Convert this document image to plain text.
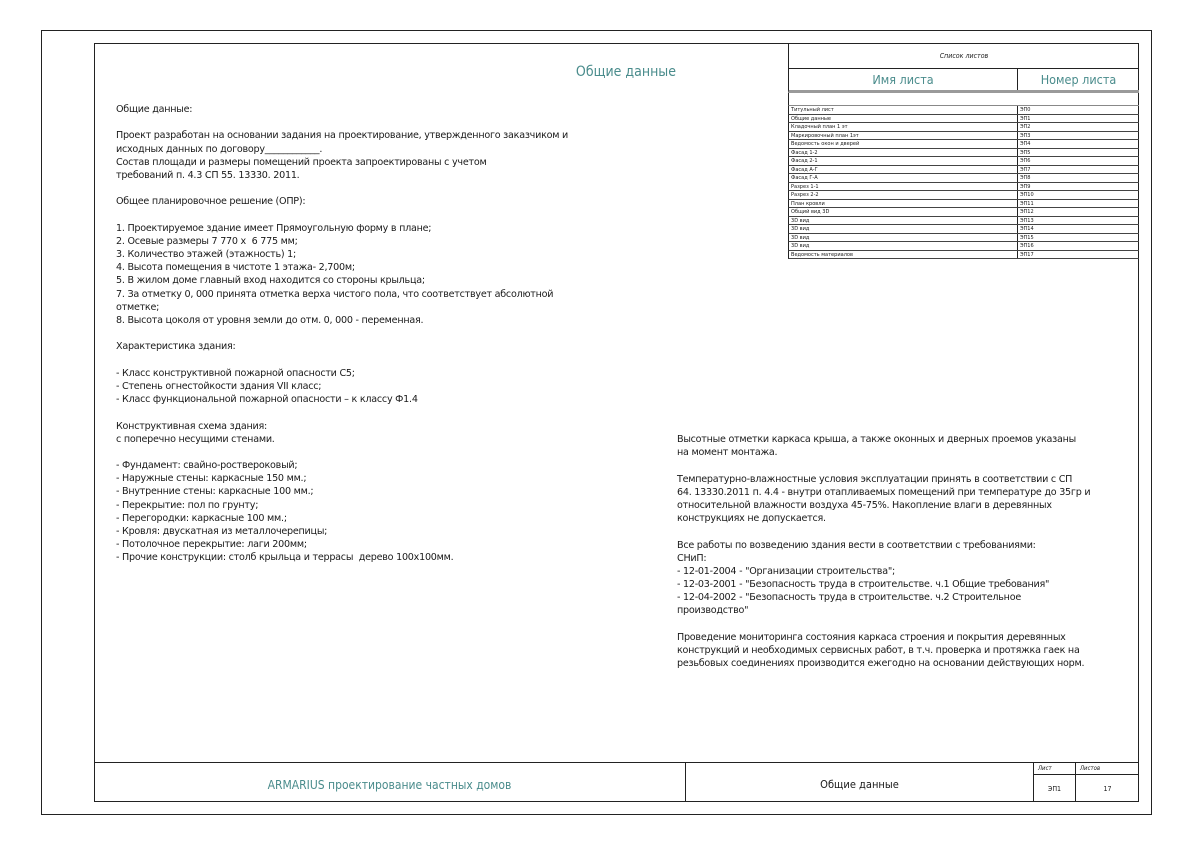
Общие данные
Общие данные:
Проект разработан на основании задания на проектирование, утвержденного заказчиком и
исходных данных по договору____________.
Состав площади и размеры помещений проекта запроектированы с учетом
требований п. 4.3 СП 55. 13330. 2011.
Общее планировочное решение (ОПР):
1. Проектируемое здание имеет Прямоугольную форму в плане;
2. Осевые размеры 7 770 х  6 775 мм;
3. Количество этажей (этажность) 1;
4. Высота помещения в чистоте 1 этажа- 2,700м;
5. В жилом доме главный вход находится со стороны крыльца;
7. За отметку 0, 000 принята отметка верха чистого пола, что соответствует абсолютной
отметке;
8. Высота цоколя от уровня земли до отм. 0, 000 - переменная.
Характеристика здания:
- Класс конструктивной пожарной опасности С5;
- Степень огнестойкости здания VII класс;
- Класс функциональной пожарной опасности – к классу Ф1.4
Конструктивная схема здания:
с поперечно несущими стенами.
- Фундамент: свайно-роствероковый;
- Наружные стены: каркасные 150 мм.;
- Внутренние стены: каркасные 100 мм.;
- Перекрытие: пол по грунту;
- Перегородки: каркасные 100 мм.;
- Кровля: двускатная из металлочерепицы;
- Потолочное перекрытие: лаги 200мм;
- Прочие конструкции: столб крыльца и террасы  дерево 100х100мм.
Высотные отметки каркаса крыша, а также оконных и дверных проемов указаны
на момент монтажа.
Температурно-влажностные условия эксплуатации принять в соответствии с СП
64. 13330.2011 п. 4.4 - внутри отапливаемых помещений при температуре до 35гр и
относительной влажности воздуха 45-75%. Накопление влаги в деревянных
конструкциях не допускается.
Все работы по возведению здания вести в соответствии с требованиями:
СНиП:
- 12-01-2004 - "Организации строительства";
- 12-03-2001 - "Безопасность труда в строительстве. ч.1 Общие требования"
- 12-04-2002 - "Безопасность труда в строительстве. ч.2 Строительное
производство"
Проведение мониторинга состояния каркаса строения и покрытия деревянных
конструкций и необходимых сервисных работ, в т.ч. проверка и протяжка гаек на
резьбовых соединениях производится ежегодно на основании действующих норм.
Список листов
Имя листа	Номер листа
Титульный лист	ЭП0
Общие данные	ЭП1
Кладочный план 1 эт	ЭП2
Маркировочный план 1эт	ЭП3
Ведомость окон и дверей	ЭП4
Фасад 1-2	ЭП5
Фасад 2-1	ЭП6
Фасад А-Г	ЭП7
Фасад Г-А	ЭП8
Разрез 1-1	ЭП9
Разрез 2-2	ЭП10
План кровли	ЭП11
Общий вид 3D	ЭП12
3D вид	ЭП13
3D вид	ЭП14
3D вид	ЭП15
3D вид	ЭП16
Ведомость материалов	ЭП17
ARMARIUS проектирование частных домов	Общие данные
Лист
ЭП1
Листов
17
